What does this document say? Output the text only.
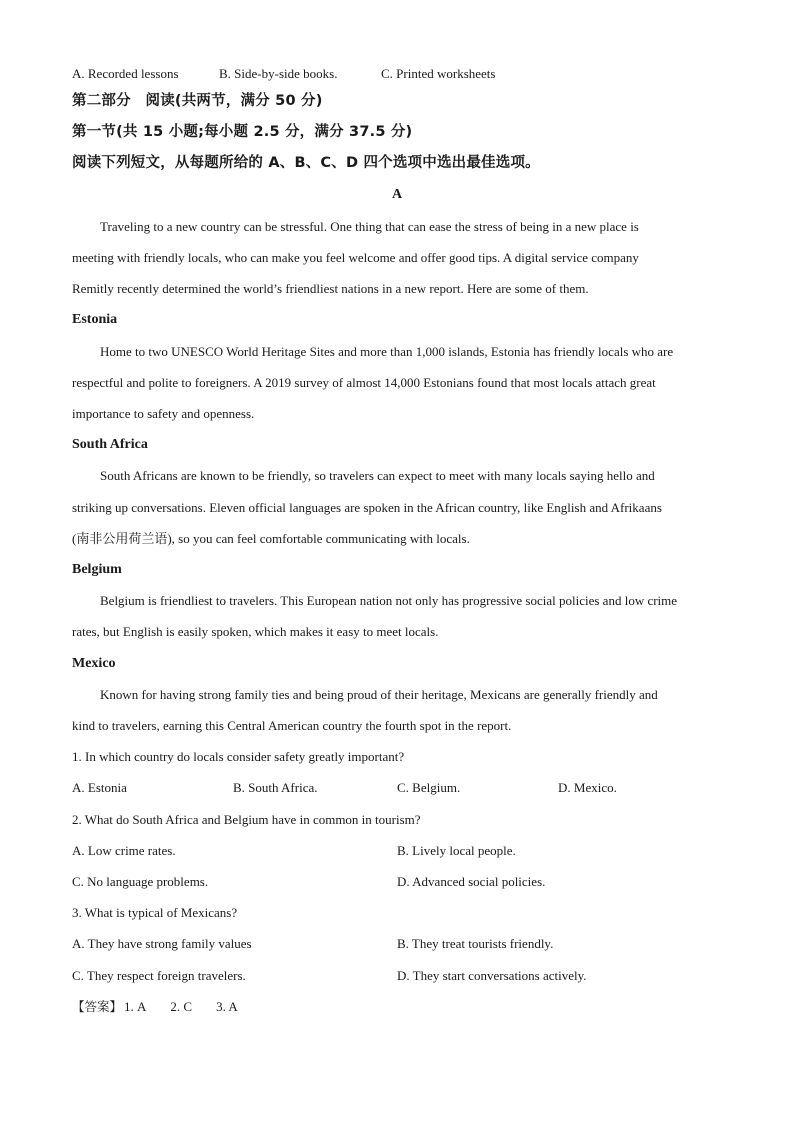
A. Recorded lessons	B. Side-by-side books.	C. Printed worksheets
第二部分　阅读(共两节，满分 50 分)
第一节(共 15 小题;每小题 2.5 分，满分 37.5 分)
阅读下列短文，从每题所给的 A、B、C、D 四个选项中选出最佳选项。
A
Traveling to a new country can be stressful. One thing that can ease the stress of being in a new place is
meeting with friendly locals, who can make you feel welcome and offer good tips. A digital service company
Remitly recently determined the world’s friendliest nations in a new report. Here are some of them.
Estonia
Home to two UNESCO World Heritage Sites and more than 1,000 islands, Estonia has friendly locals who are
respectful and polite to foreigners. A 2019 survey of almost 14,000 Estonians found that most locals attach great
importance to safety and openness.
South Africa
South Africans are known to be friendly, so travelers can expect to meet with many locals saying hello and
striking up conversations. Eleven official languages are spoken in the African country, like English and Afrikaans
(南非公用荷兰语), so you can feel comfortable communicating with locals.
Belgium
Belgium is friendliest to travelers. This European nation not only has progressive social policies and low crime
rates, but English is easily spoken, which makes it easy to meet locals.
Mexico
Known for having strong family ties and being proud of their heritage, Mexicans are generally friendly and
kind to travelers, earning this Central American country the fourth spot in the report.
1. In which country do locals consider safety greatly important?
A. Estonia	B. South Africa.	C. Belgium.	D. Mexico.
2. What do South Africa and Belgium have in common in tourism?
A. Low crime rates.	B. Lively local people.
C. No language problems.	D. Advanced social policies.
3. What is typical of Mexicans?
A. They have strong family values	B. They treat tourists friendly.
C. They respect foreign travelers.	D. They start conversations actively.
【答案】 1. A 2. C 3. A
